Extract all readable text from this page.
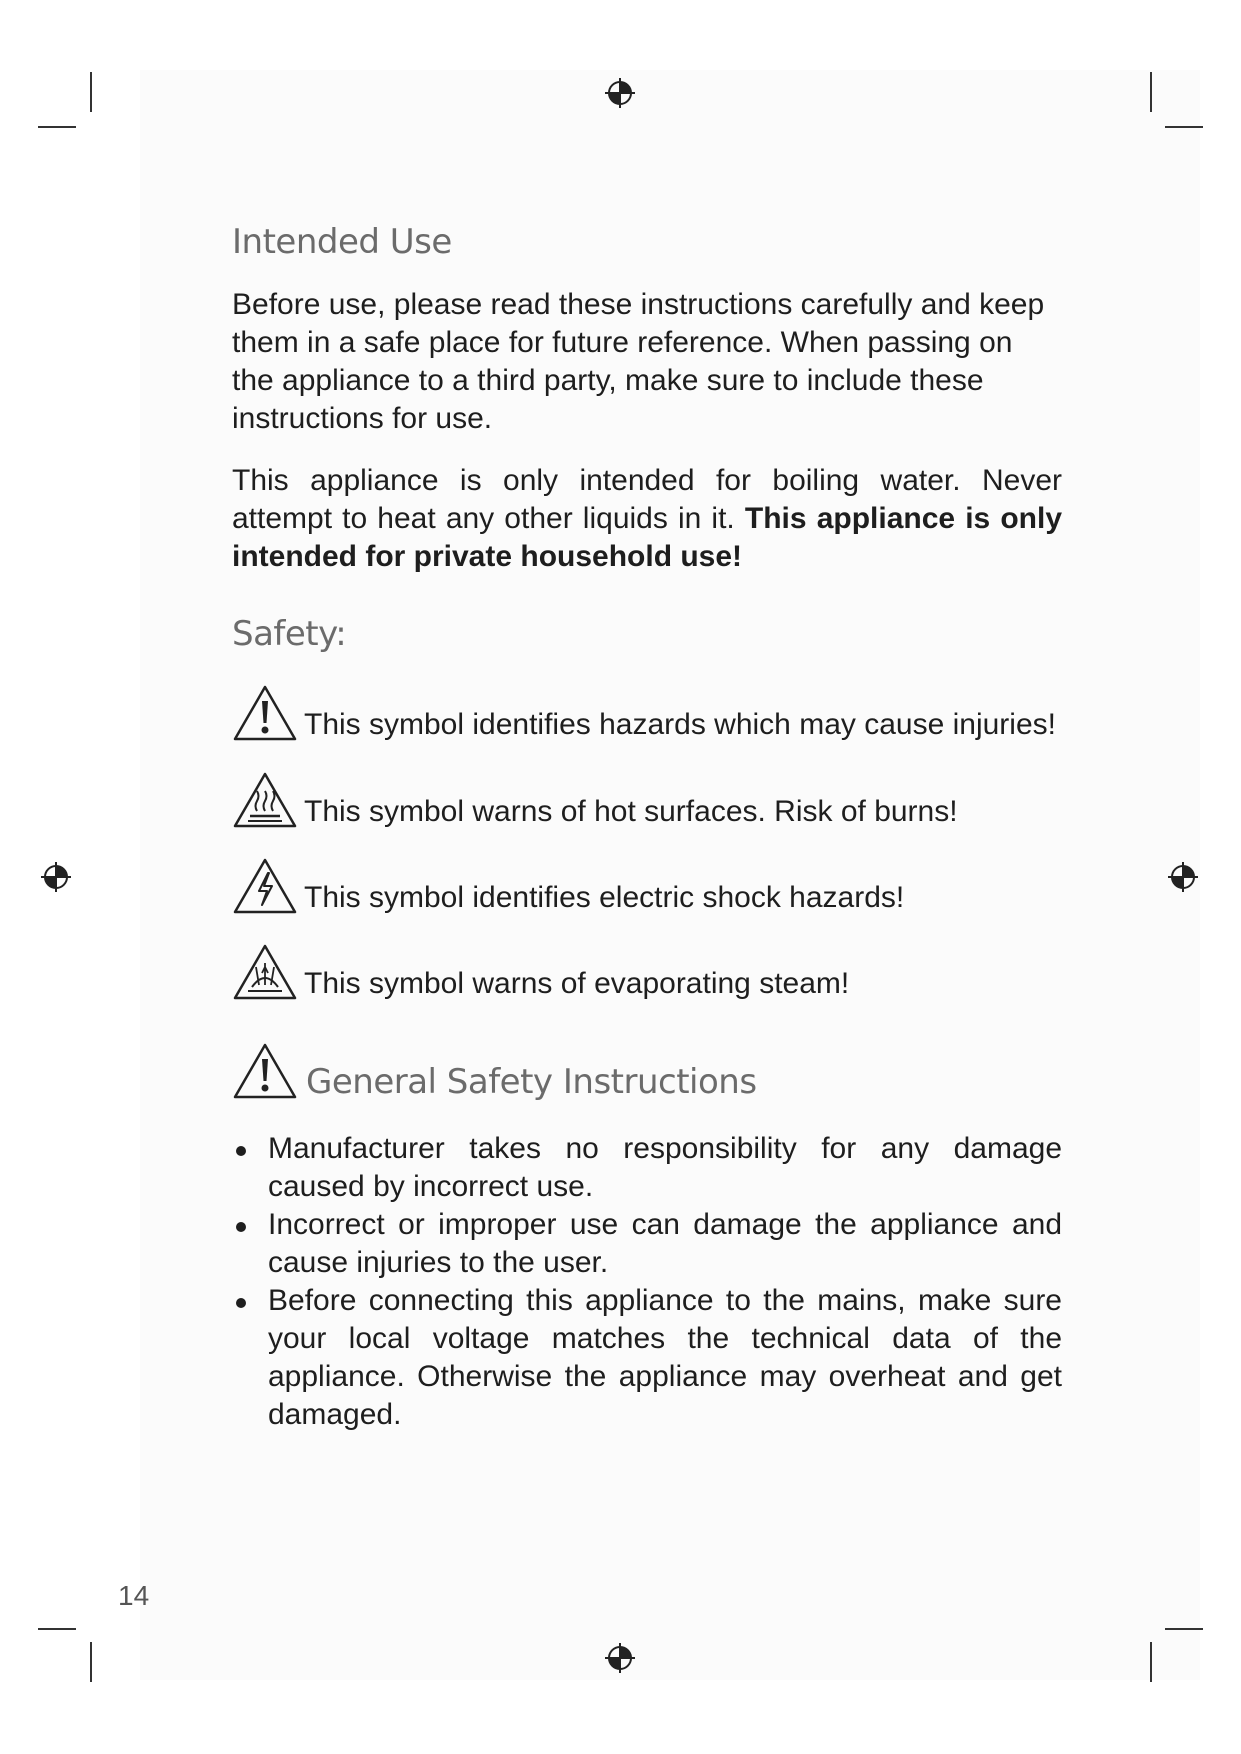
Intended Use

Before use, please read these instructions carefully and keep them in a safe place for future reference. When passing on the appliance to a third party, make sure to include these instructions for use.

This appliance is only intended for boiling water. Never attempt to heat any other liquids in it. This appliance is only intended for private household use!

Safety:
This symbol identifies hazards which may cause injuries!
This symbol warns of hot surfaces. Risk of burns!
This symbol identifies electric shock hazards!
This symbol warns of evaporating steam!
General Safety Instructions
Manufacturer takes no responsibility for any damage caused by incorrect use.
Incorrect or improper use can damage the appliance and cause injuries to the user.
Before connecting this appliance to the mains, make sure your local voltage matches the technical data of the appliance. Otherwise the appliance may overheat and get damaged.
14
